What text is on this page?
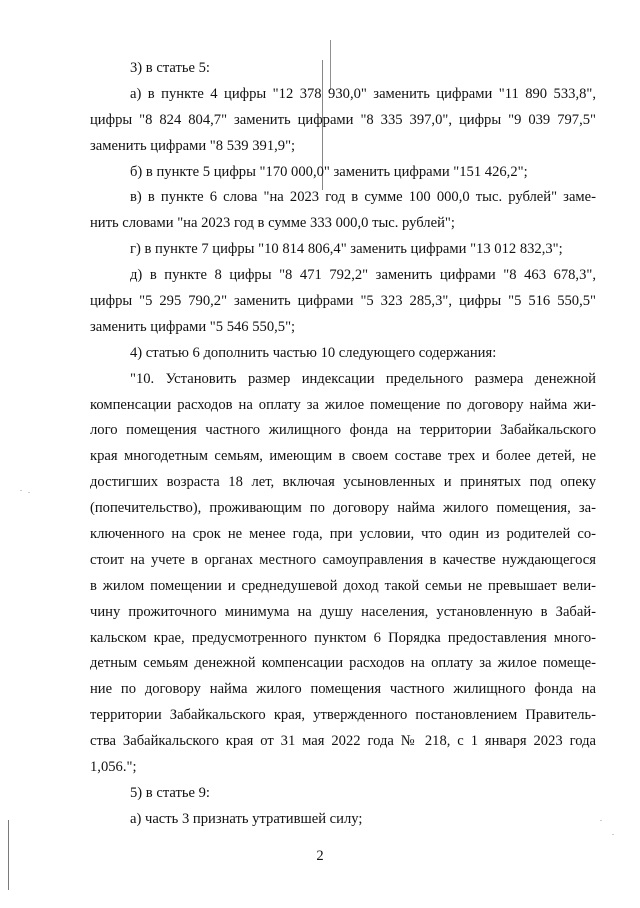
3) в статье 5:
а) в пункте 4 цифры "12 378 930,0" заменить цифрами "11 890 533,8",
цифры "8 824 804,7" заменить цифрами "8 335 397,0", цифры "9 039 797,5"
заменить цифрами "8 539 391,9";
б) в пункте 5 цифры "170 000,0" заменить цифрами "151 426,2";
в) в пункте 6 слова "на 2023 год в сумме 100 000,0 тыс. рублей" заме-
нить словами "на 2023 год в сумме 333 000,0 тыс. рублей";
г) в пункте 7 цифры "10 814 806,4" заменить цифрами "13 012 832,3";
д) в пункте 8 цифры "8 471 792,2" заменить цифрами "8 463 678,3",
цифры "5 295 790,2" заменить цифрами "5 323 285,3", цифры "5 516 550,5"
заменить цифрами "5 546 550,5";
4) статью 6 дополнить частью 10 следующего содержания:
"10. Установить размер индексации предельного размера денежной
компенсации расходов на оплату за жилое помещение по договору найма жи-
лого помещения частного жилищного фонда на территории Забайкальского
края многодетным семьям, имеющим в своем составе трех и более детей, не
достигших возраста 18 лет, включая усыновленных и принятых под опеку
(попечительство), проживающим по договору найма жилого помещения, за-
ключенного на срок не менее года, при условии, что один из родителей со-
стоит на учете в органах местного самоуправления в качестве нуждающегося
в жилом помещении и среднедушевой доход такой семьи не превышает вели-
чину прожиточного минимума на душу населения, установленную в Забай-
кальском крае, предусмотренного пунктом 6 Порядка предоставления много-
детным семьям денежной компенсации расходов на оплату за жилое помеще-
ние по договору найма жилого помещения частного жилищного фонда на
территории Забайкальского края, утвержденного постановлением Правитель-
ства Забайкальского края от 31 мая 2022 года № 218, с 1 января 2023 года
1,056.";
5) в статье 9:
а) часть 3 признать утратившей силу;
2
